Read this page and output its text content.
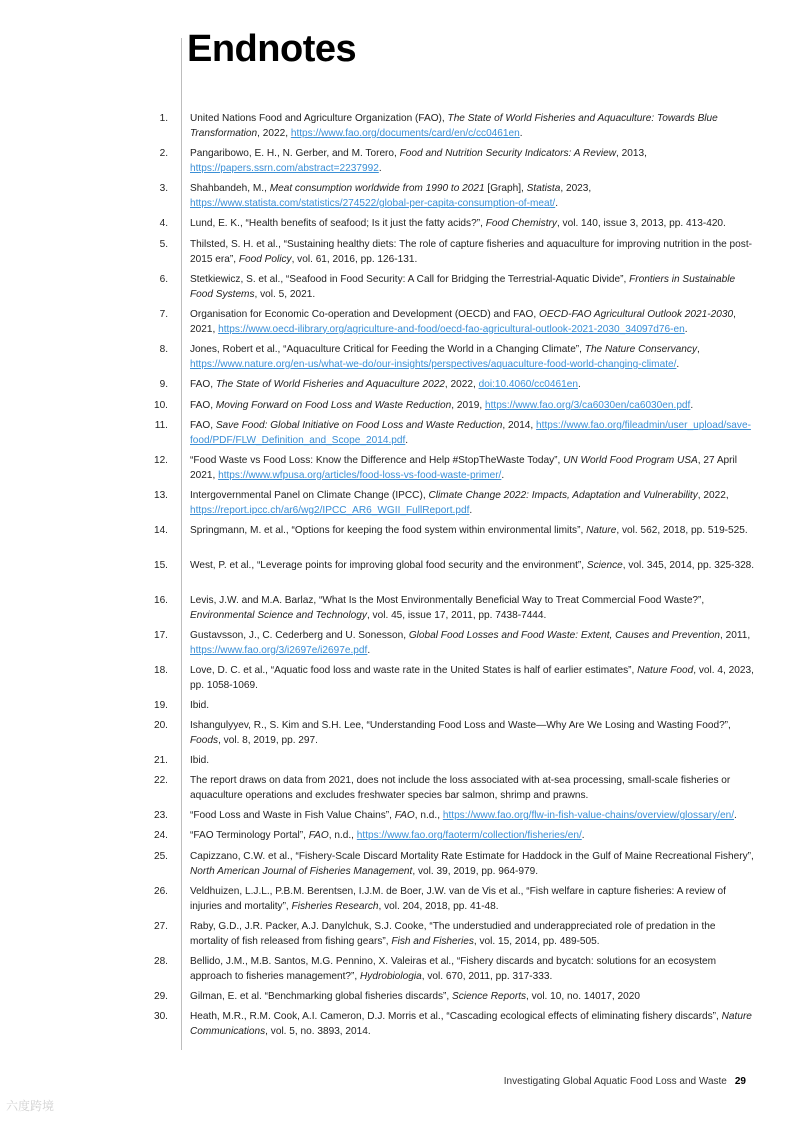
Endnotes
1. United Nations Food and Agriculture Organization (FAO), The State of World Fisheries and Aquaculture: Towards Blue Transformation, 2022, https://www.fao.org/documents/card/en/c/cc0461en.
2. Pangaribowo, E. H., N. Gerber, and M. Torero, Food and Nutrition Security Indicators: A Review, 2013, https://papers.ssrn.com/abstract=2237992.
3. Shahbandeh, M., Meat consumption worldwide from 1990 to 2021 [Graph], Statista, 2023, https://www.statista.com/statistics/274522/global-per-capita-consumption-of-meat/.
4. Lund, E. K., “Health benefits of seafood; Is it just the fatty acids?”, Food Chemistry, vol. 140, issue 3, 2013, pp. 413-420.
5. Thilsted, S. H. et al., “Sustaining healthy diets: The role of capture fisheries and aquaculture for improving nutrition in the post-2015 era”, Food Policy, vol. 61, 2016, pp. 126-131.
6. Stetkiewicz, S. et al., “Seafood in Food Security: A Call for Bridging the Terrestrial-Aquatic Divide”, Frontiers in Sustainable Food Systems, vol. 5, 2021.
7. Organisation for Economic Co-operation and Development (OECD) and FAO, OECD-FAO Agricultural Outlook 2021-2030, 2021, https://www.oecd-ilibrary.org/agriculture-and-food/oecd-fao-agricultural-outlook-2021-2030_34097d76-en.
8. Jones, Robert et al., “Aquaculture Critical for Feeding the World in a Changing Climate”, The Nature Conservancy, https://www.nature.org/en-us/what-we-do/our-insights/perspectives/aquaculture-food-world-changing-climate/.
9. FAO, The State of World Fisheries and Aquaculture 2022, 2022, doi:10.4060/cc0461en.
10. FAO, Moving Forward on Food Loss and Waste Reduction, 2019, https://www.fao.org/3/ca6030en/ca6030en.pdf.
11. FAO, Save Food: Global Initiative on Food Loss and Waste Reduction, 2014, https://www.fao.org/fileadmin/user_upload/save-food/PDF/FLW_Definition_and_Scope_2014.pdf.
12. “Food Waste vs Food Loss: Know the Difference and Help #StopTheWaste Today”, UN World Food Program USA, 27 April 2021, https://www.wfpusa.org/articles/food-loss-vs-food-waste-primer/.
13. Intergovernmental Panel on Climate Change (IPCC), Climate Change 2022: Impacts, Adaptation and Vulnerability, 2022, https://report.ipcc.ch/ar6/wg2/IPCC_AR6_WGII_FullReport.pdf.
14. Springmann, M. et al., “Options for keeping the food system within environmental limits”, Nature, vol. 562, 2018, pp. 519-525.
15. West, P. et al., “Leverage points for improving global food security and the environment”, Science, vol. 345, 2014, pp. 325-328.
16. Levis, J.W. and M.A. Barlaz, “What Is the Most Environmentally Beneficial Way to Treat Commercial Food Waste?”, Environmental Science and Technology, vol. 45, issue 17, 2011, pp. 7438-7444.
17. Gustavsson, J., C. Cederberg and U. Sonesson, Global Food Losses and Food Waste: Extent, Causes and Prevention, 2011, https://www.fao.org/3/i2697e/i2697e.pdf.
18. Love, D. C. et al., “Aquatic food loss and waste rate in the United States is half of earlier estimates”, Nature Food, vol. 4, 2023, pp. 1058-1069.
19. Ibid.
20. Ishangulyyev, R., S. Kim and S.H. Lee, “Understanding Food Loss and Waste—Why Are We Losing and Wasting Food?”, Foods, vol. 8, 2019, pp. 297.
21. Ibid.
22. The report draws on data from 2021, does not include the loss associated with at-sea processing, small-scale fisheries or aquaculture operations and excludes freshwater species bar salmon, shrimp and prawns.
23. “Food Loss and Waste in Fish Value Chains”, FAO, n.d., https://www.fao.org/flw-in-fish-value-chains/overview/glossary/en/.
24. “FAO Terminology Portal”, FAO, n.d., https://www.fao.org/faoterm/collection/fisheries/en/.
25. Capizzano, C.W. et al., “Fishery-Scale Discard Mortality Rate Estimate for Haddock in the Gulf of Maine Recreational Fishery”, North American Journal of Fisheries Management, vol. 39, 2019, pp. 964-979.
26. Veldhuizen, L.J.L., P.B.M. Berentsen, I.J.M. de Boer, J.W. van de Vis et al., “Fish welfare in capture fisheries: A review of injuries and mortality”, Fisheries Research, vol. 204, 2018, pp. 41-48.
27. Raby, G.D., J.R. Packer, A.J. Danylchuk, S.J. Cooke, “The understudied and underappreciated role of predation in the mortality of fish released from fishing gears”, Fish and Fisheries, vol. 15, 2014, pp. 489-505.
28. Bellido, J.M., M.B. Santos, M.G. Pennino, X. Valeiras et al., “Fishery discards and bycatch: solutions for an ecosystem approach to fisheries management?”, Hydrobiologia, vol. 670, 2011, pp. 317-333.
29. Gilman, E. et al. “Benchmarking global fisheries discards”, Science Reports, vol. 10, no. 14017, 2020
30. Heath, M.R., R.M. Cook, A.I. Cameron, D.J. Morris et al., “Cascading ecological effects of eliminating fishery discards”, Nature Communications, vol. 5, no. 3893, 2014.
Investigating Global Aquatic Food Loss and Waste 29
六度跨境
